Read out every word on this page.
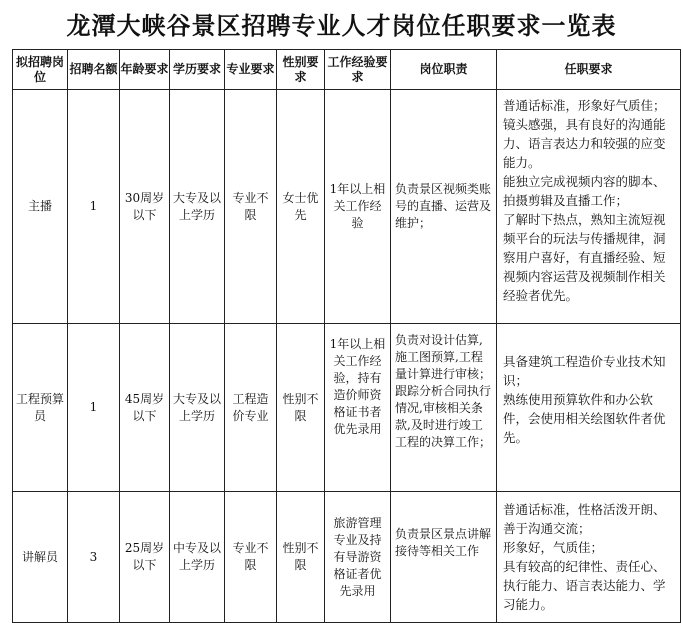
龙潭大峡谷景区招聘专业人才岗位任职要求一览表
拟招聘岗位	招聘名额	年龄要求	学历要求	专业要求	性别要求	工作经验要求	岗位职责	任职要求
主播	1	30周岁以下	大专及以上学历	专业不限	女士优先	1年以上相关工作经验	负责景区视频类账号的直播、运营及维护；	普通话标准，形象好气质佳；

镜头感强，具有良好的沟通能力、语言表达力和较强的应变能力。

能独立完成视频内容的脚本、拍摄剪辑及直播工作；

了解时下热点，熟知主流短视频平台的玩法与传播规律，洞察用户喜好，有直播经验、短视频内容运营及视频制作相关经验者优先。

工程预算员	1	45周岁以下	大专及以上学历	工程造价专业	性别不限	1年以上相关工作经验，持有造价师资格证书者优先录用	负责对设计估算,施工图预算,工程量计算进行审核；跟踪分析合同执行情况,审核相关条款,及时进行竣工工程的决算工作；	具备建筑工程造价专业技术知识；

熟练使用预算软件和办公软件，会使用相关绘图软件者优先。

讲解员	3	25周岁以下	中专及以上学历	专业不限	性别不限	旅游管理专业及持有导游资格证者优先录用	负责景区景点讲解接待等相关工作	普通话标准，性格活泼开朗、善于沟通交流；

形象好，气质佳；

具有较高的纪律性、责任心、执行能力、语言表达能力、学习能力。
